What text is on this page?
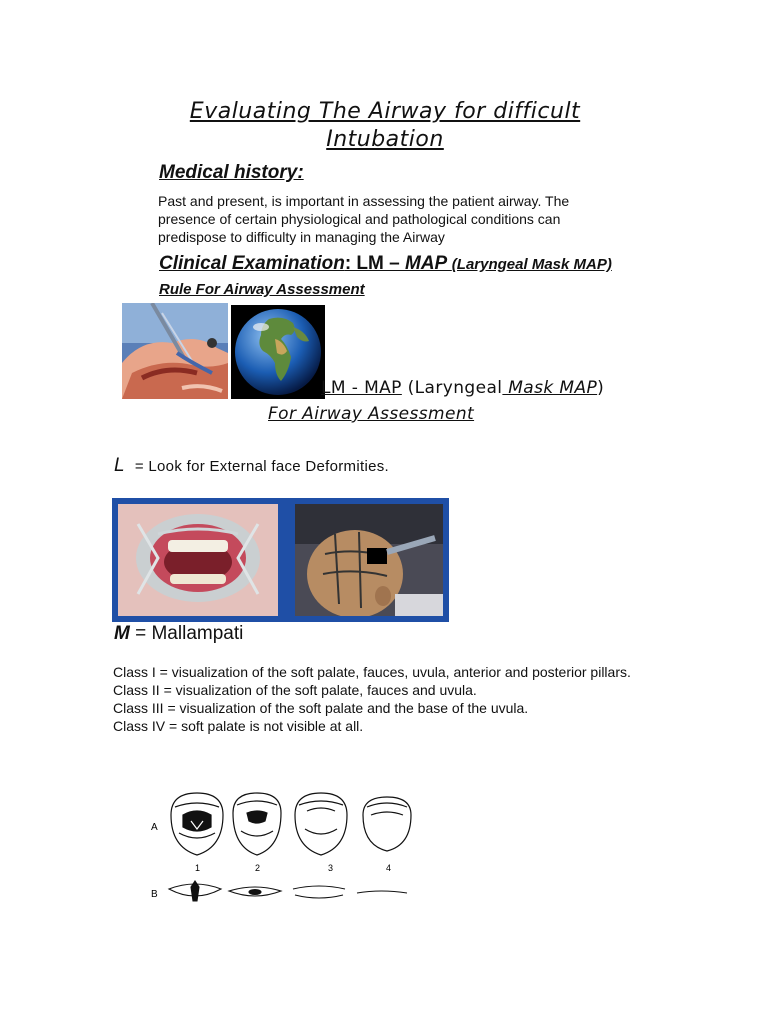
Evaluating The Airway for difficult
Intubation
Medical history:
Past and present, is important in assessing the patient airway. The presence of certain physiological and pathological conditions can predispose to difficulty in managing the Airway
Clinical Examination: LM – MAP (Laryngeal Mask MAP) Rule For Airway Assessment
LM - MAP (Laryngeal Mask MAP)
For Airway Assessment
L = Look for External face Deformities.
M = Mallampati
Class I = visualization of the soft palate, fauces, uvula, anterior and posterior pillars.
Class II = visualization of the soft palate, fauces and uvula.
Class III = visualization of the soft palate and the base of the uvula.
Class IV = soft palate is not visible at all.
A
B
1	2	3	4
